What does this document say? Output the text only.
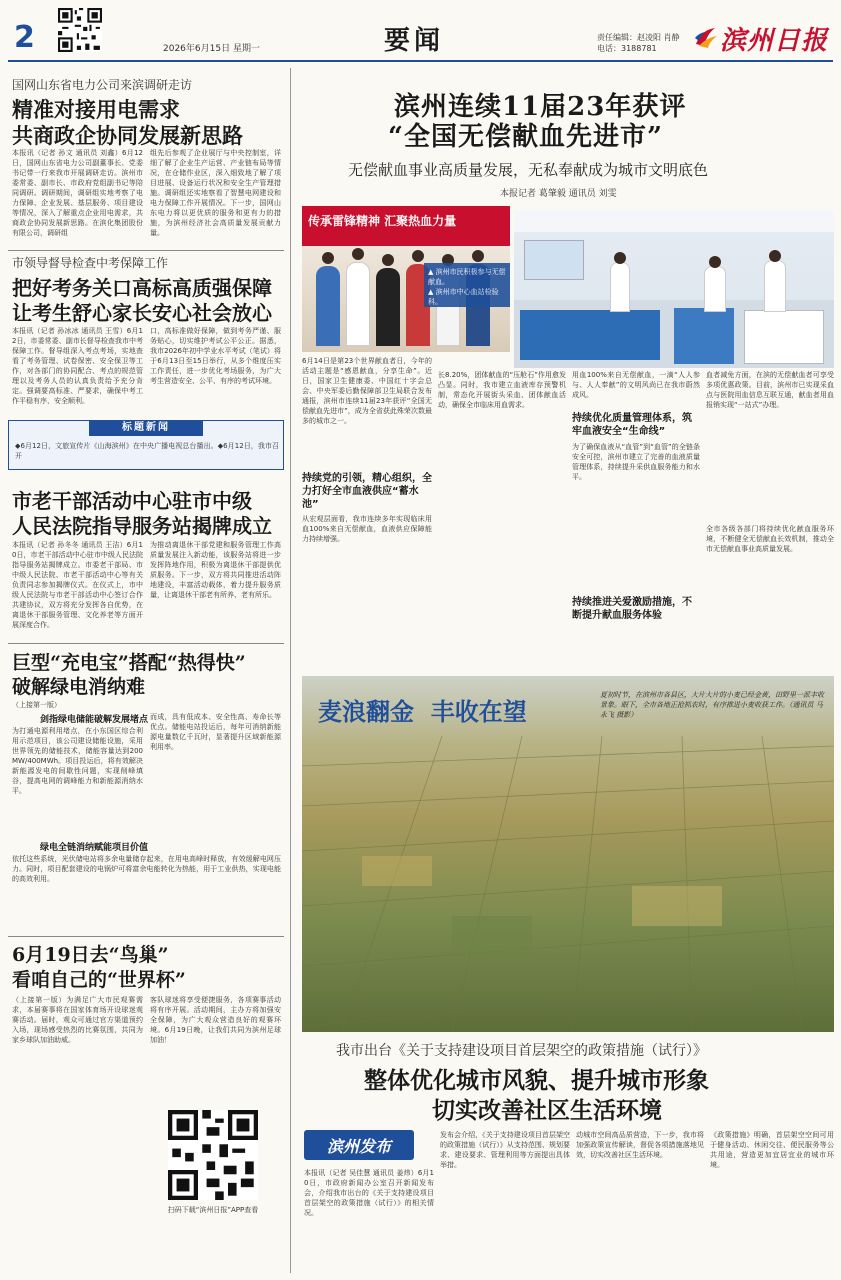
2	2026年6月15日 星期一	要闻	责任编辑：赵凌阳 肖静
电话：3188781	滨州日报
国网山东省电力公司来滨调研走访
精准对接用电需求
共商政企协同发展新思路
本报讯（记者 孙文 通讯员 刘鑫）6月12日，国网山东省电力公司副董事长、党委书记带一行来我市开展调研走访。滨州市委常委、副市长、市政府党组副书记等陪同调研。调研期间，调研组实地考察了电力保障、企业发展、基层服务、项目建设等情况，深入了解重点企业用电需求，共商政企协同发展新思路。在滨化集团股份有限公司，调研组
组先后参观了企业展厅与中央控制室，详细了解了企业生产运营、产业链布局等情况，在仓储作业区，深入细致地了解了项目进展、设备运行状况和安全生产管理措施。调研组还实地察看了智慧电网建设和电力保障工作开展情况。下一步，国网山东电力将以更优质的服务和更有力的措施，为滨州经济社会高质量发展贡献力量。
市领导督导检查中考保障工作
把好考务关口高标高质强保障
让考生舒心家长安心社会放心
本报讯（记者 孙冰冰 通讯员 王雪）6月12日，市委常委、副市长督导检查我市中考保障工作。督导组深入考点考场，实地查看了考务管理、试卷保密、安全保卫等工作，对各部门的协同配合、考点的规范管理以及考务人员的认真负责给予充分肯定。强调要高标准、严要求，确保中考工作平稳有序、安全顺利。
口，高标准做好保障，做到考务严谨、服务贴心，切实维护考试公平公正。据悉，我市2026年初中学业水平考试（笔试）将于6月13日至15日举行，从多个维度压实工作责任，进一步优化考场服务，为广大考生营造安全、公平、有序的考试环境。
标题新闻
◆6月12日，文旅宣传片《山海滨州》在中央广播电视总台播出。◆6月12日，我市召开
市老干部活动中心驻市中级
人民法院指导服务站揭牌成立
本报讯（记者 孙冬冬 通讯员 王洁）6月10日，市老干部活动中心驻市中级人民法院指导服务站揭牌成立。市委老干部局、市中级人民法院、市老干部活动中心等有关负责同志参加揭牌仪式。在仪式上，市中级人民法院与市老干部活动中心签订合作共建协议，双方将充分发挥各自优势，在离退休干部服务管理、文化养老等方面开展深度合作。
为推动离退休干部党建和服务管理工作高质量发展注入新动能，该服务站将进一步发挥阵地作用，积极为离退休干部提供优质服务。下一步，双方将共同推进活动阵地建设，丰富活动载体，着力提升服务质量，让离退休干部老有所养、老有所乐。
巨型“充电宝”搭配“热得快”
破解绿电消纳难
（上接第一版）
剑指绿电储能破解发展堵点
为打通电源利用堵点，在小东国区综合利用示范项目，该公司建设储能设施，采用世界领先的储能技术，储能容量达到200MW/400MWh。项目投运后，将有效解决新能源发电的间歇性问题，实现削峰填谷，提高电网的调峰能力和新能源消纳水平。
而成，具有低成本、安全性高、寿命长等优点。储能电站投运后，每年可消纳新能源电量数亿千瓦时，显著提升区域新能源利用率。
绿电全链消纳赋能项目价值
依托这些系统，光伏储电站将多余电量储存起来，在用电高峰时释放，有效缓解电网压力。同时，项目配套建设的电锅炉可将富余电能转化为热能，用于工业供热，实现电能的高效利用。
6月19日去“鸟巢”
看咱自己的“世界杯”
（上接第一版）为满足广大市民观赛需求，本届赛事将在国家体育场开设球迷观赛活动。届时，观众可通过官方渠道预约入场，现场感受热烈的比赛氛围，共同为家乡球队加油助威。
客队球迷将享受便捷服务，各项赛事活动将有序开展。活动期间，主办方将加强安全保障，为广大观众营造良好的观赛环境。6月19日晚，让我们共同为滨州足球加油！
扫码下载“滨州日报”APP查看
滨州连续11届23年获评
“全国无偿献血先进市”
无偿献血事业高质量发展，无私奉献成为城市文明底色
本报记者 葛肇毅 通讯员 刘雯
传承雷锋精神 汇聚热血力量
▲ 滨州市民积极参与无偿献血。
▲ 滨州市中心血站检验科。
6月14日是第23个世界献血者日，今年的活动主题是“感恩献血，分享生命”。近日，国家卫生健康委、中国红十字会总会、中央军委后勤保障部卫生局联合发布通报，滨州市连续11届23年获评“全国无偿献血先进市”，成为全省获此殊荣次数最多的城市之一。
持续党的引领，精心组织，全力打好全市血液供应“蓄水池”
从宏观层面看，我市连续多年实现临床用血100%来自无偿献血，血液供应保障能力持续增强。
长8.20%，团体献血的“压舱石”作用愈发凸显。同时，我市建立血液库存预警机制，常态化开展街头采血、团体献血活动，确保全市临床用血需求。
用血100%来自无偿献血，一滴“人人参与、人人奉献”的文明风尚已在我市蔚然成风。
持续优化质量管理体系，筑牢血液安全“生命线”
为了确保血液从“血管”到“血管”的全链条安全可控，滨州市建立了完善的血液质量管理体系，持续提升采供血服务能力和水平。
持续推进关爱激励措施，不断提升献血服务体验
血者减免方面，在滨的无偿献血者可享受多项优惠政策。目前，滨州市已实现采血点与医院用血信息互联互通，献血者用血报销实现“一站式”办理。
全市各级各部门将持续优化献血服务环境，不断健全无偿献血长效机制，推动全市无偿献血事业高质量发展。
麦浪翻金  丰收在望
夏初时节，在滨州市各县区，大片大片的小麦已经金黄，田野里一派丰收景象。眼下，全市各地正抢抓农时，有序推进小麦收获工作。（通讯员 马永飞 摄影）
我市出台《关于支持建设项目首层架空的政策措施（试行）》
整体优化城市风貌、提升城市形象
切实改善社区生活环境
滨州发布
本报讯（记者 吴佳慧 通讯员 姜炜）6月10日，市政府新闻办公室召开新闻发布会，介绍我市出台的《关于支持建设项目首层架空的政策措施（试行）》的相关情况。
发布会介绍，《关于支持建设项目首层架空的政策措施（试行）》从支持范围、规划要求、建设要求、管理利用等方面提出具体举措。
动城市空间高品质营造，下一步，我市将加强政策宣传解读，督促各项措施落地见效，切实改善社区生活环境。
《政策措施》明确，首层架空空间可用于健身活动、休闲交往、便民服务等公共用途，营造更加宜居宜业的城市环境。
